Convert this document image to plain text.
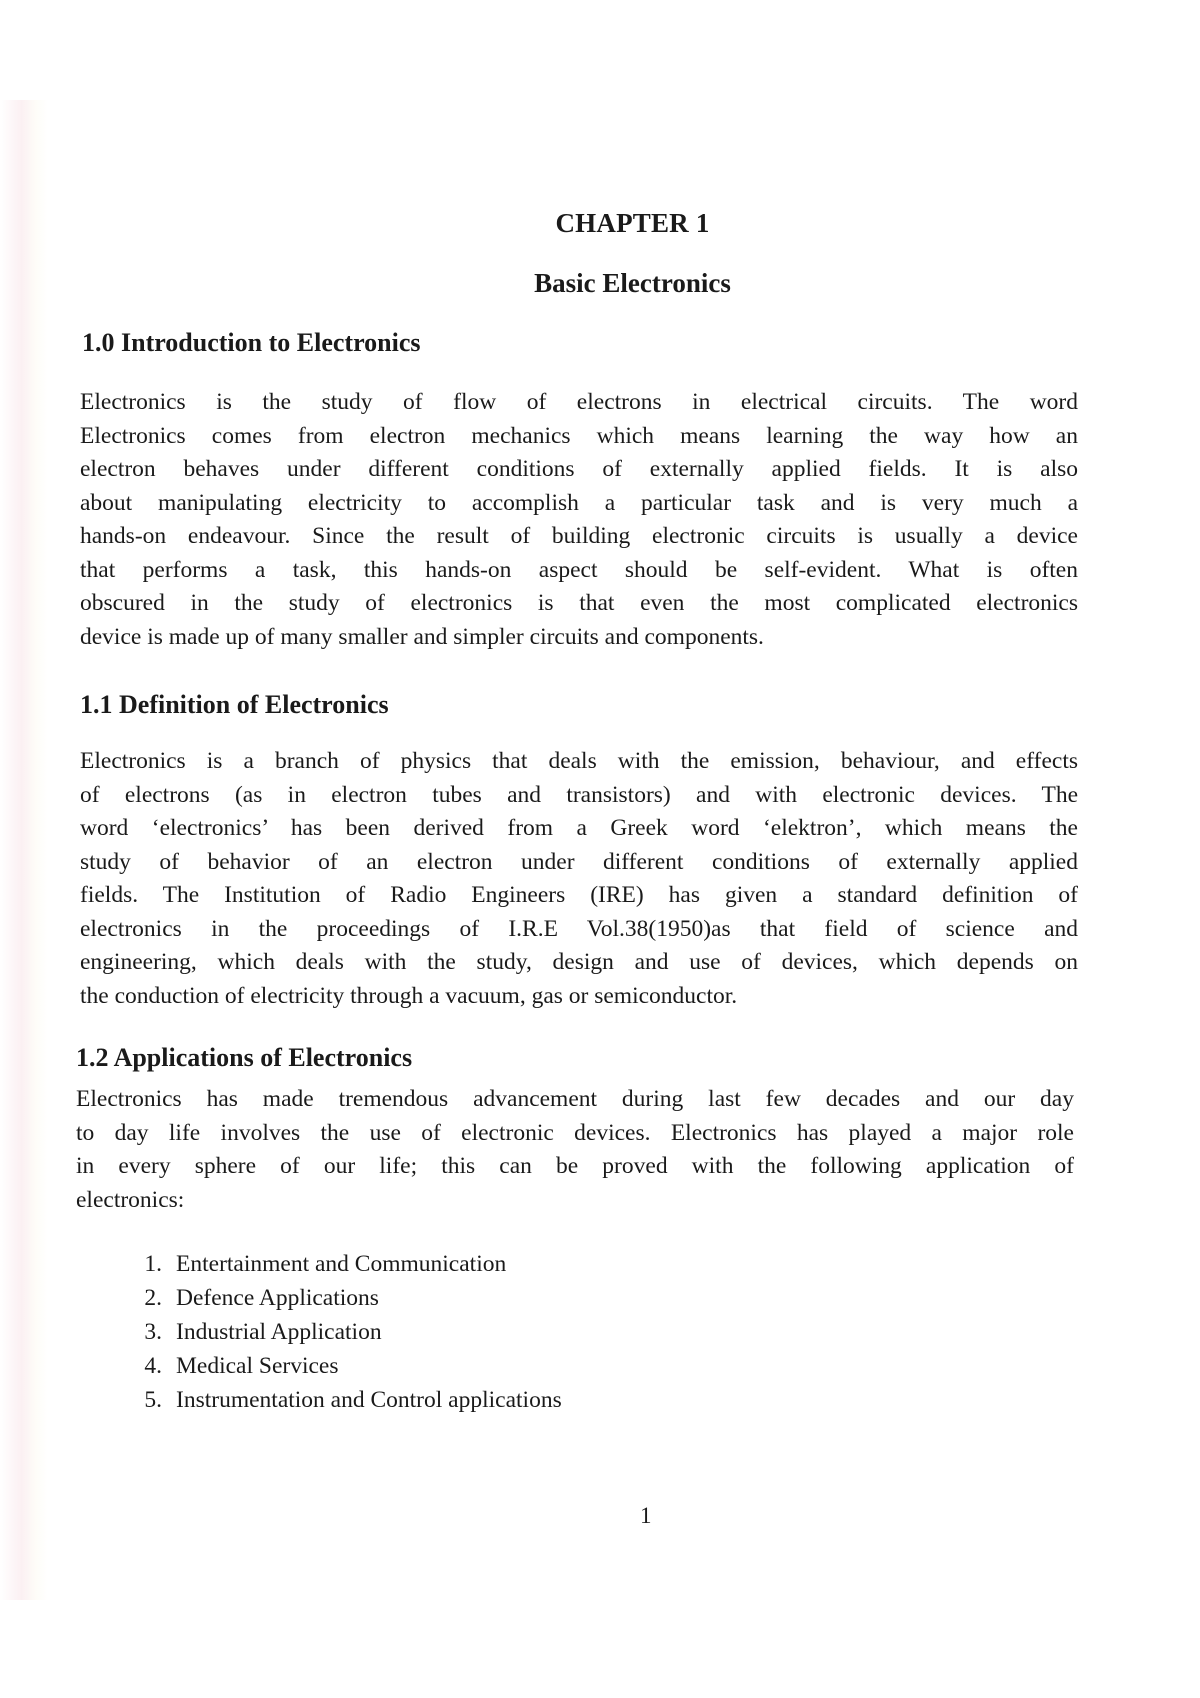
CHAPTER 1
Basic Electronics
1.0 Introduction to Electronics
Electronics is the study of flow of electrons in electrical circuits. The word
Electronics comes from electron mechanics which means learning the way how an
electron behaves under different conditions of externally applied fields. It is also
about manipulating electricity to accomplish a particular task and is very much a
hands-on endeavour. Since the result of building electronic circuits is usually a device
that performs a task, this hands-on aspect should be self-evident. What is often
obscured in the study of electronics is that even the most complicated electronics
device is made up of many smaller and simpler circuits and components.
1.1 Definition of Electronics
Electronics is a branch of physics that deals with the emission, behaviour, and effects
of electrons (as in electron tubes and transistors) and with electronic devices. The
word ‘electronics’ has been derived from a Greek word ‘elektron’, which means the
study of behavior of an electron under different conditions of externally applied
fields. The Institution of Radio Engineers (IRE) has given a standard definition of
electronics in the proceedings of I.R.E Vol.38(1950)as that field of science and
engineering, which deals with the study, design and use of devices, which depends on
the conduction of electricity through a vacuum, gas or semiconductor.
1.2 Applications of Electronics
Electronics has made tremendous advancement during last few decades and our day
to day life involves the use of electronic devices. Electronics has played a major role
in every sphere of our life; this can be proved with the following application of
electronics:
1. Entertainment and Communication
2. Defence Applications
3. Industrial Application
4. Medical Services
5. Instrumentation and Control applications
1
